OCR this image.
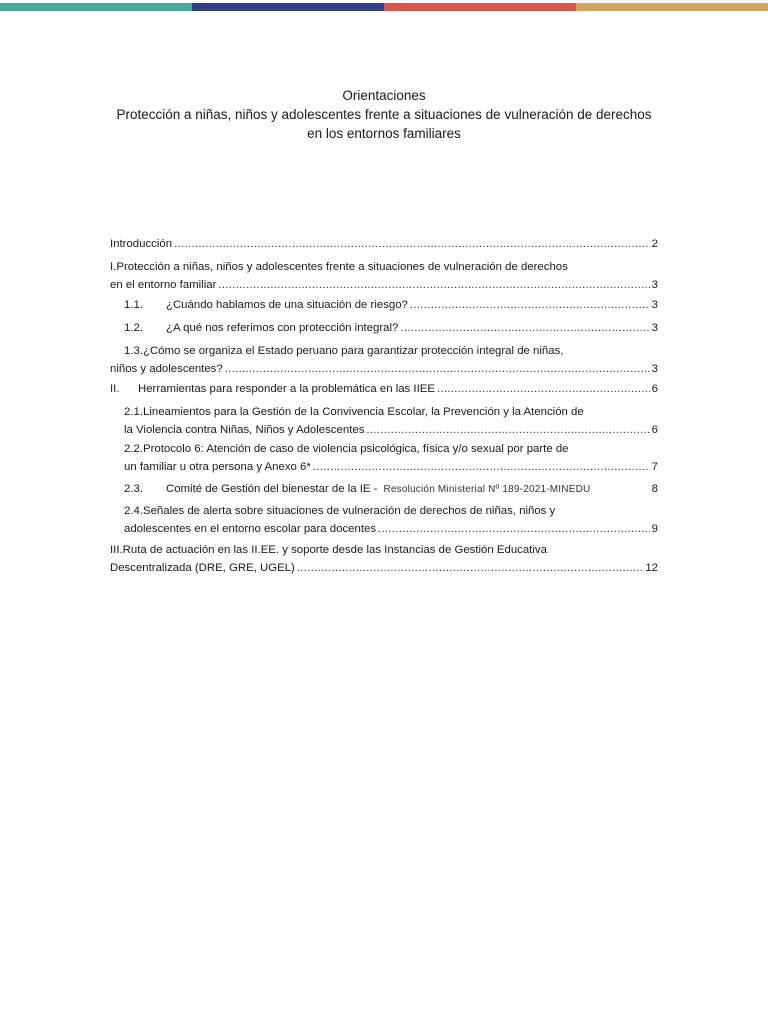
Orientaciones
Protección a niñas, niños y adolescentes frente a situaciones de vulneración de derechos
en los entornos familiares
Introducción .....	2
I.Protección a niñas, niños y adolescentes frente a situaciones de vulneración de derechos
en el entorno familiar .....	3
1.1.	¿Cuándo hablamos de una situación de riesgo? .....	3
1.2.	¿A qué nos referimos con protección integral? .....	3
1.3.¿Cómo se organiza el Estado peruano para garantizar protección integral de niñas,
niños y adolescentes? .....	3
II.	Herramientas para responder a la problemática en las IIEE .....	6
2.1.Lineamientos para la Gestión de la Convivencia Escolar, la Prevención y la Atención de
la Violencia contra Niñas, Niños y Adolescentes .....	6
2.2.Protocolo 6: Atención de caso de violencia psicológica, física y/o sexual por parte de
un familiar u otra persona y Anexo 6* .....	7
2.3.	Comité de Gestión del bienestar de la IE - Resolución Ministerial Nº 189-2021-MINEDU	8
2.4.Señales de alerta sobre situaciones de vulneración de derechos de niñas, niños y
adolescentes en el entorno escolar para docentes .....	9
III.Ruta de actuación en las II.EE. y soporte desde las Instancias de Gestión Educativa
Descentralizada (DRE, GRE, UGEL) .....	12
